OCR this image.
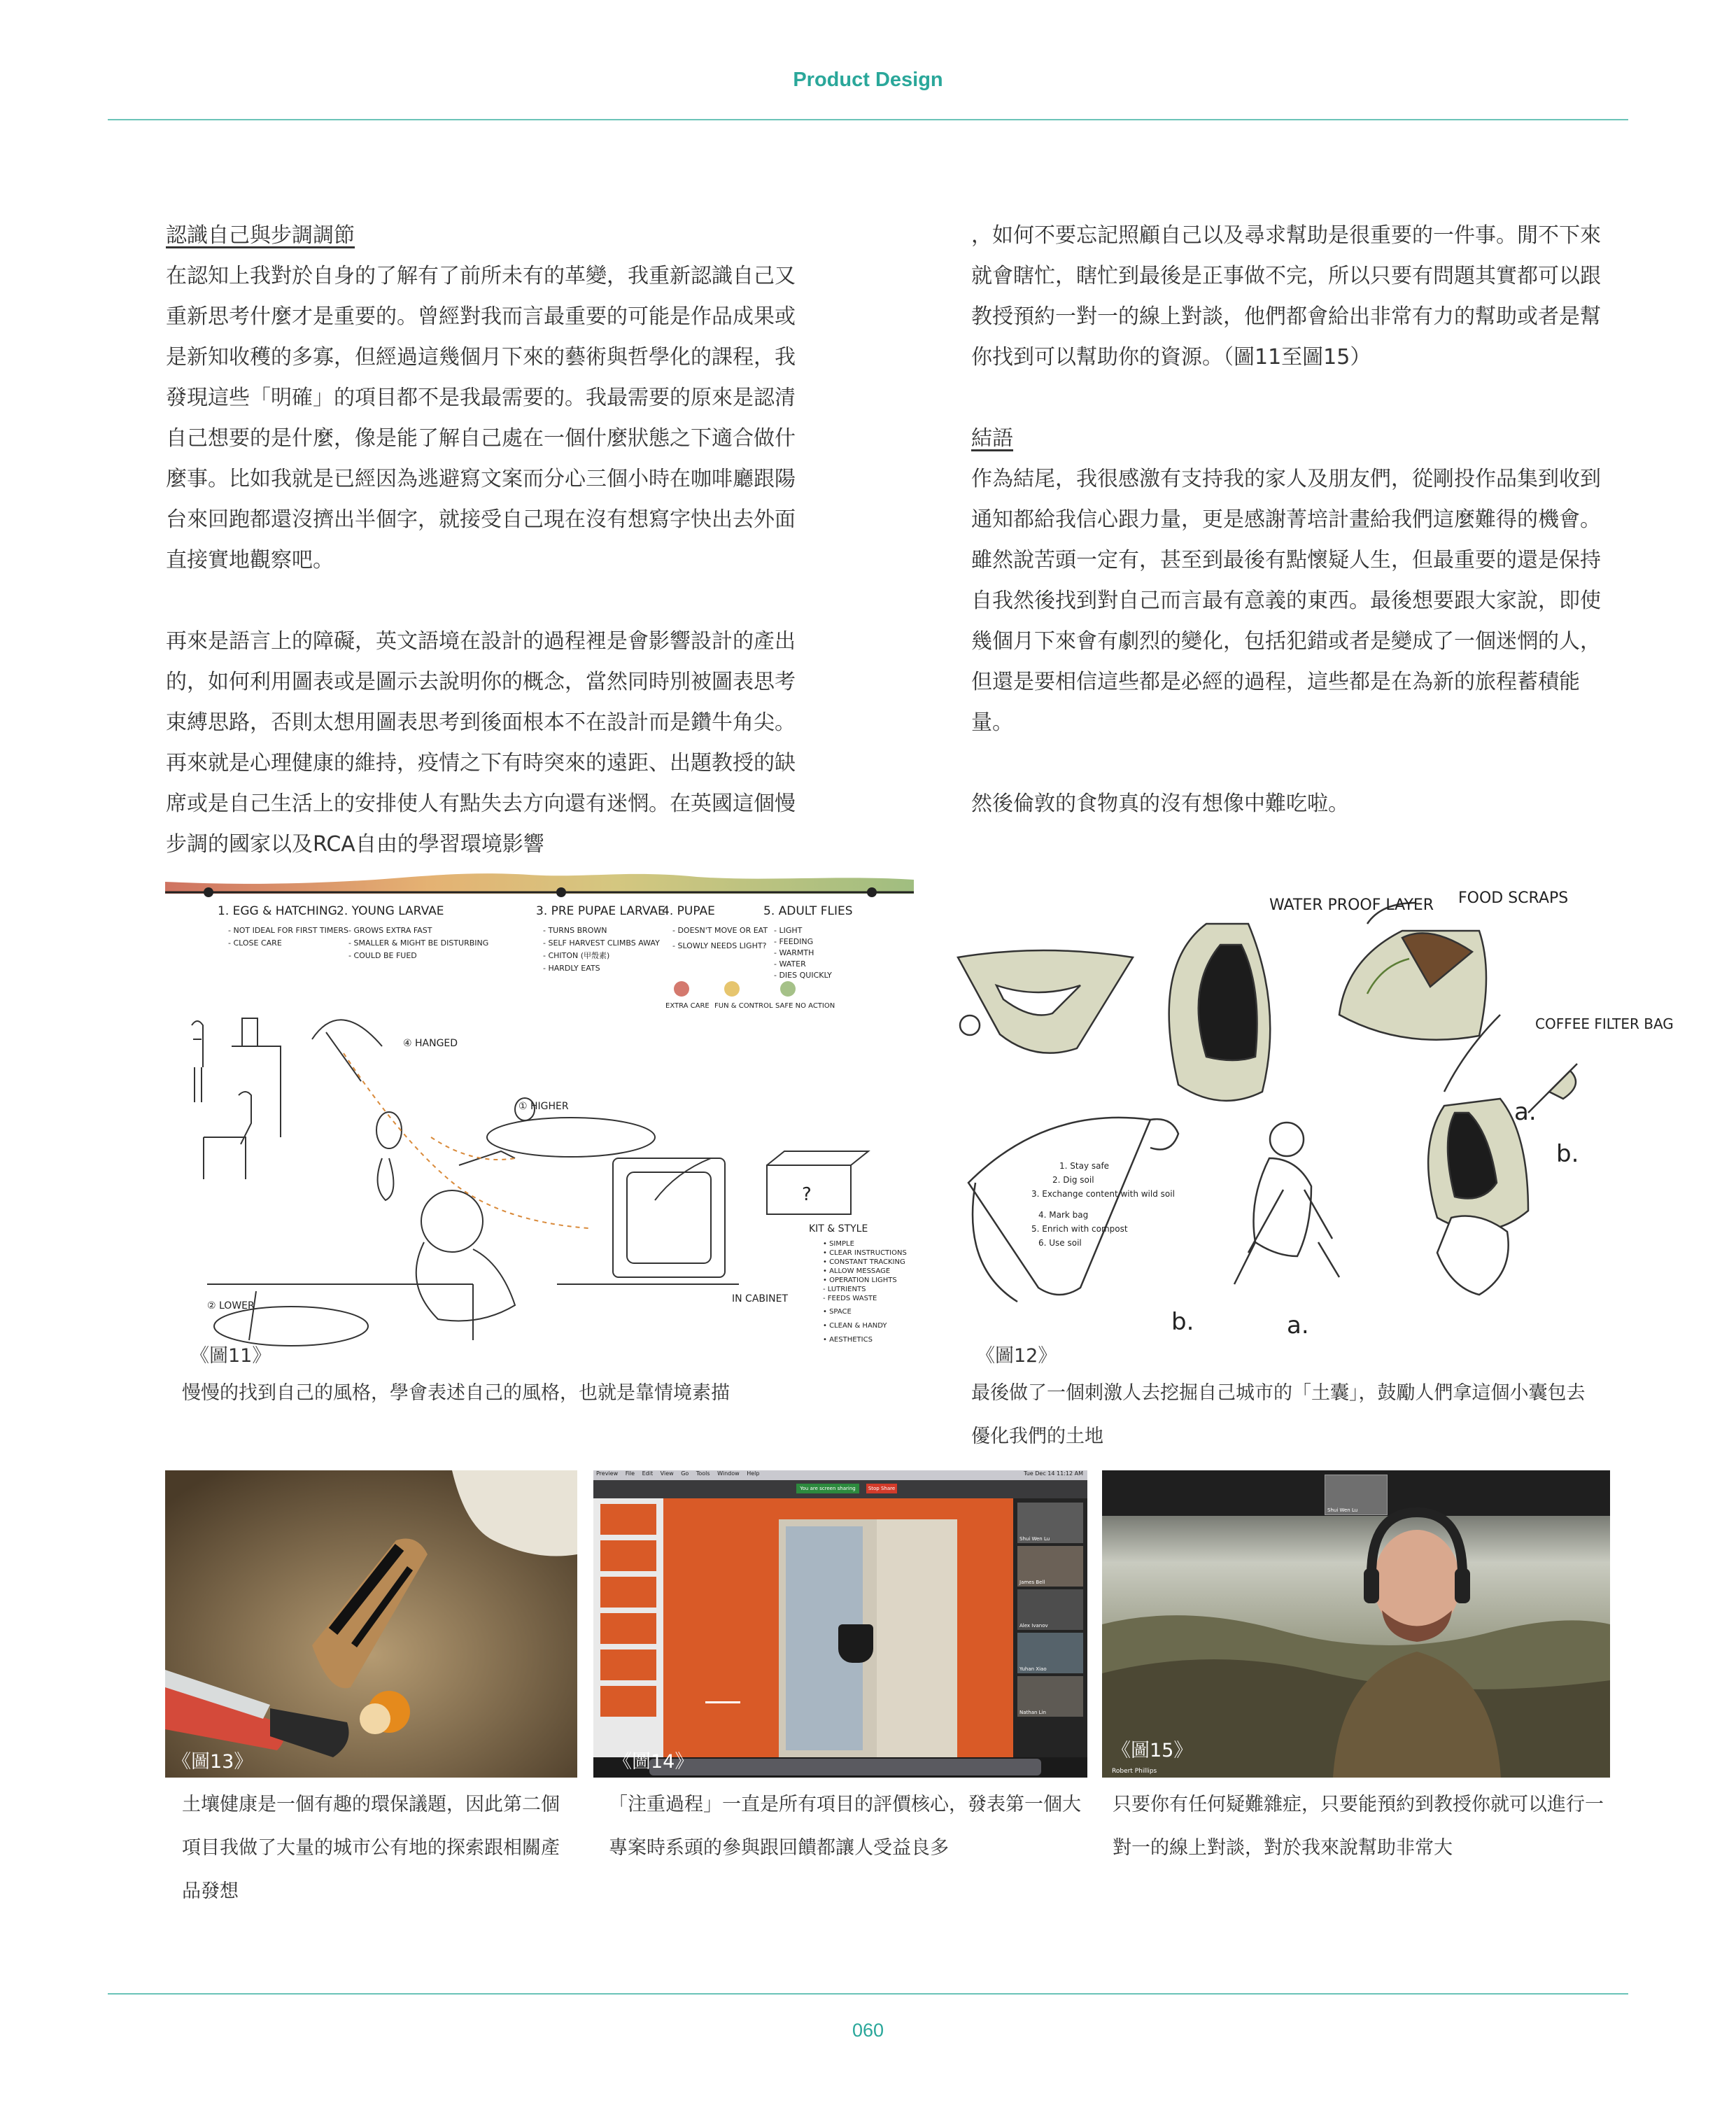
Product Design
認識自己與步調調節

在認知上我對於自身的了解有了前所未有的革變，我重新認識自己又重新思考什麼才是重要的。曾經對我而言最重要的可能是作品成果或是新知收穫的多寡，但經過這幾個月下來的藝術與哲學化的課程，我發現這些「明確」的項目都不是我最需要的。我最需要的原來是認清自己想要的是什麼，像是能了解自己處在一個什麼狀態之下適合做什麼事。比如我就是已經因為逃避寫文案而分心三個小時在咖啡廳跟陽台來回跑都還沒擠出半個字，就接受自己現在沒有想寫字快出去外面直接實地觀察吧。

再來是語言上的障礙，英文語境在設計的過程裡是會影響設計的產出的，如何利用圖表或是圖示去說明你的概念，當然同時別被圖表思考束縛思路，否則太想用圖表思考到後面根本不在設計而是鑽牛角尖。再來就是心理健康的維持，疫情之下有時突來的遠距、出題教授的缺席或是自己生活上的安排使人有點失去方向還有迷惘。在英國這個慢步調的國家以及RCA自由的學習環境影響

，如何不要忘記照顧自己以及尋求幫助是很重要的一件事。閒不下來就會瞎忙，瞎忙到最後是正事做不完，所以只要有問題其實都可以跟教授預約一對一的線上對談，他們都會給出非常有力的幫助或者是幫你找到可以幫助你的資源。（圖11至圖15）

結語

作為結尾，我很感激有支持我的家人及朋友們，從剛投作品集到收到通知都給我信心跟力量，更是感謝菁培計畫給我們這麼難得的機會。雖然說苦頭一定有，甚至到最後有點懷疑人生，但最重要的還是保持自我然後找到對自己而言最有意義的東西。最後想要跟大家說，即使幾個月下來會有劇烈的變化，包括犯錯或者是變成了一個迷惘的人，但還是要相信這些都是必經的過程，這些都是在為新的旅程蓄積能量。

然後倫敦的食物真的沒有想像中難吃啦。

1. EGG & HATCHING
- NOT IDEAL FOR FIRST TIMERS
- CLOSE CARE
2. YOUNG LARVAE
- GROWS EXTRA FAST
- SMALLER & MIGHT BE DISTURBING
- COULD BE FUED
3. PRE PUPAE LARVAE
- TURNS BROWN
- SELF HARVEST CLIMBS AWAY
- CHITON (甲殼素)
- HARDLY EATS
4. PUPAE
- DOESN'T MOVE OR EAT
- SLOWLY NEEDS LIGHT?
5. ADULT FLIES
- LIGHT
- FEEDING
- WARMTH
- WATER
- DIES QUICKLY
EXTRA CARE FUN & CONTROL SAFE NO ACTION
④ HANGED
① HIGHER
② LOWER
IN CABINET
?
KIT & STYLE
• SIMPLE
• CLEAR INSTRUCTIONS
• CONSTANT TRACKING
• ALLOW MESSAGE
• OPERATION LIGHTS
- LUTRIENTS
- FEEDS WASTE
• SPACE
• CLEAN & HANDY
• AESTHETICS
《圖11》
慢慢的找到自己的風格，學會表述自己的風格，也就是靠情境素描
WATER PROOF LAYER FOOD SCRAPS
COFFEE FILTER BAG
a.
b.
b.	a.
1. Stay safe
2. Dig soil
3. Exchange content with wild soil
4. Mark bag
5. Enrich with compost
6. Use soil
《圖12》
最後做了一個刺激人去挖掘自己城市的「土囊」，鼓勵人們拿這個小囊包去優化我們的土地
《圖13》
土壤健康是一個有趣的環保議題，因此第二個項目我做了大量的城市公有地的探索跟相關產品發想
Preview File Edit View Go Tools Window Help	Tue Dec 14 11:12 AM
You are screen sharing	Stop Share
Shui Wen Lu
James Bell
Alex Ivanov
Yuhan Xiao
Nathan Lin
《圖14》
「注重過程」一直是所有項目的評價核心，發表第一個大專案時系頭的參與跟回饋都讓人受益良多
Shui Wen Lu
《圖15》
Robert Phillips
只要你有任何疑難雜症，只要能預約到教授你就可以進行一對一的線上對談，對於我來說幫助非常大
060
